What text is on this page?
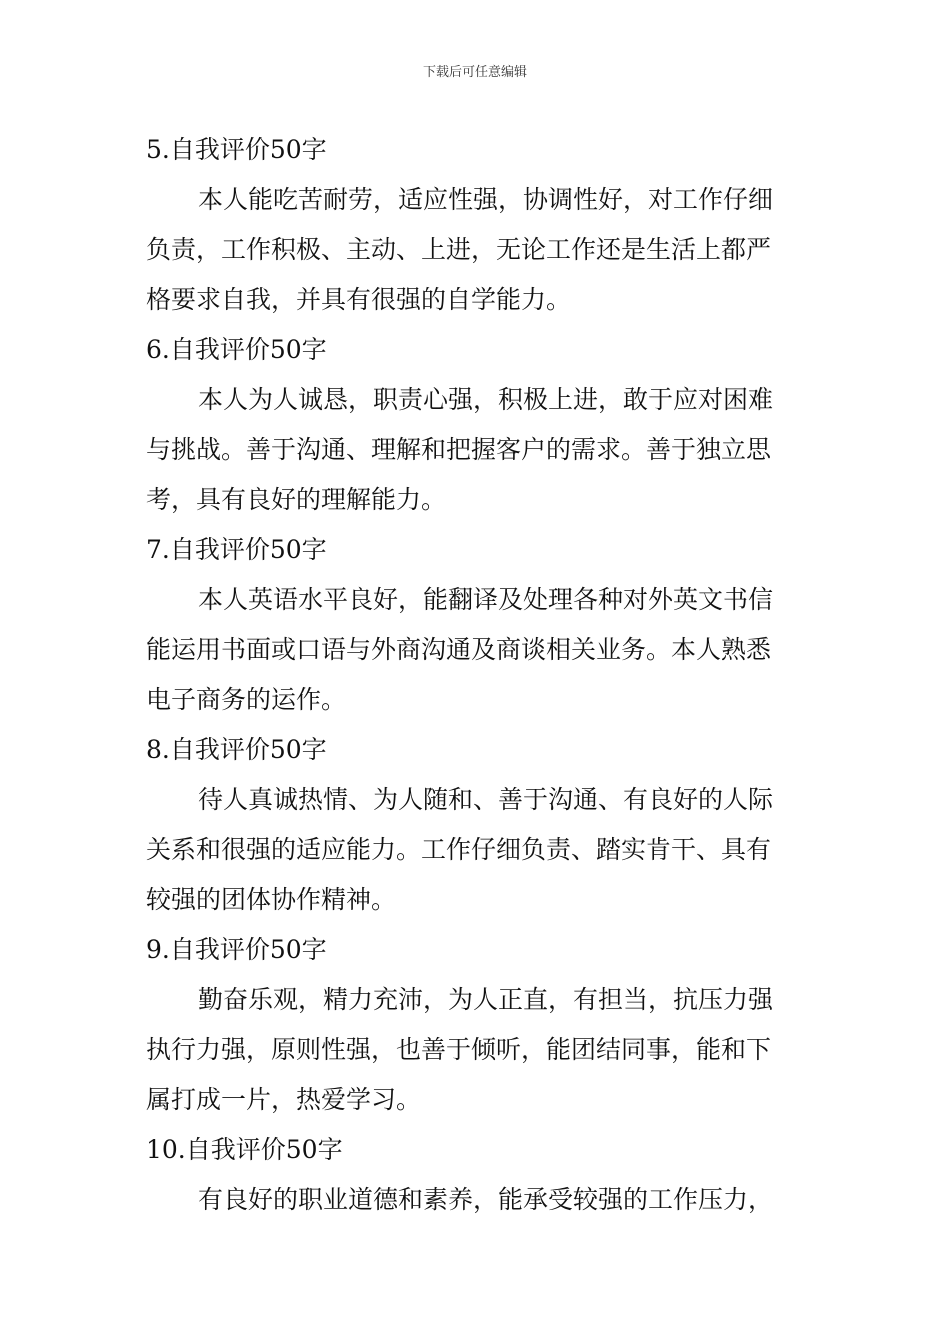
下载后可任意编辑

5.自我评价50字

本人能吃苦耐劳，适应性强，协调性好，对工作仔细
负责，工作积极、主动、上进，无论工作还是生活上都严
格要求自我，并具有很强的自学能力。

6.自我评价50字

本人为人诚恳，职责心强，积极上进，敢于应对困难
与挑战。善于沟通、理解和把握客户的需求。善于独立思
考，具有良好的理解能力。

7.自我评价50字

本人英语水平良好，能翻译及处理各种对外英文书信
能运用书面或口语与外商沟通及商谈相关业务。本人熟悉
电子商务的运作。

8.自我评价50字

待人真诚热情、为人随和、善于沟通、有良好的人际
关系和很强的适应能力。工作仔细负责、踏实肯干、具有
较强的团体协作精神。

9.自我评价50字

勤奋乐观，精力充沛，为人正直，有担当，抗压力强
执行力强，原则性强，也善于倾听，能团结同事，能和下
属打成一片，热爱学习。

10.自我评价50字

有良好的职业道德和素养，能承受较强的工作压力，
